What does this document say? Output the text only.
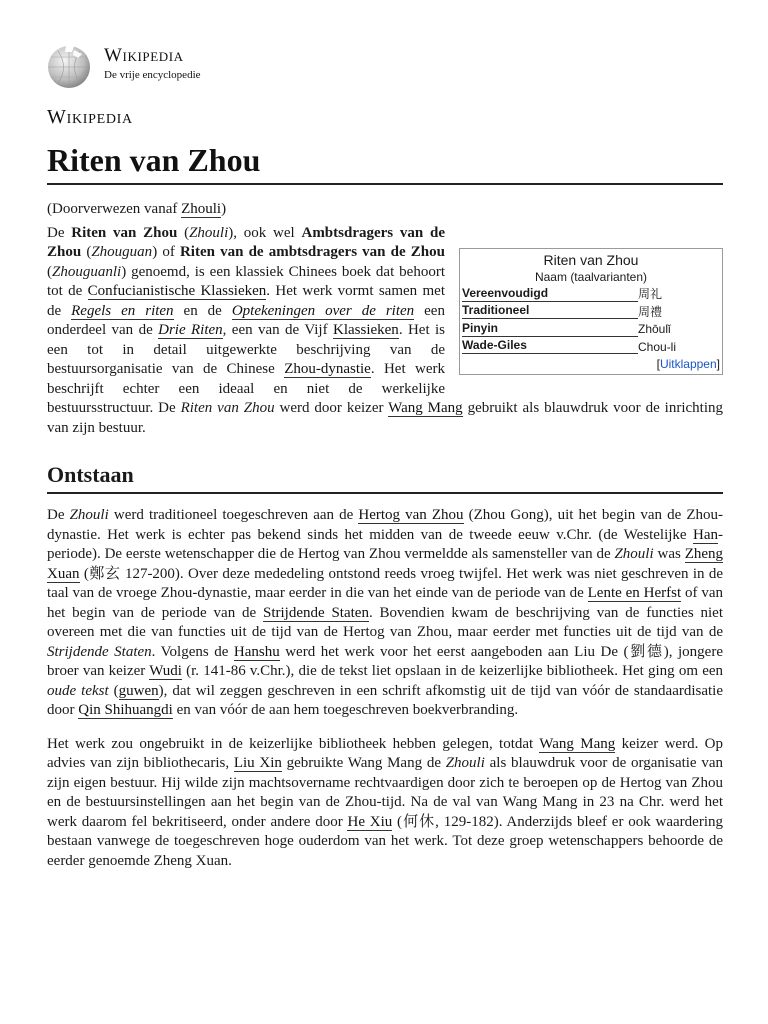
Wikipedia
De vrije encyclopedie
Wikipedia
Riten van Zhou
(Doorverwezen vanaf Zhouli)
Riten van Zhou
Naam (taalvarianten)
Vereenvoudigd	周礼
Traditioneel	周禮
Pinyin	Zhōulǐ
Wade-Giles	Chou-li
[Uitklappen]

De Riten van Zhou (Zhouli), ook wel Ambtsdragers van de Zhou (Zhouguan) of Riten van de ambtsdragers van de Zhou (Zhouguanli) genoemd, is een klassiek Chinees boek dat behoort tot de Confucianistische Klassieken. Het werk vormt samen met de Regels en riten en de Optekeningen over de riten een onderdeel van de Drie Riten, een van de Vijf Klassieken. Het is een tot in detail uitgewerkte beschrijving van de bestuursorganisatie van de Chinese Zhou-dynastie. Het werk beschrijft echter een ideaal en niet de werkelijke bestuursstructuur. De Riten van Zhou werd door keizer Wang Mang gebruikt als blauwdruk voor de inrichting van zijn bestuur.

Ontstaan

De Zhouli werd traditioneel toegeschreven aan de Hertog van Zhou (Zhou Gong), uit het begin van de Zhou-dynastie. Het werk is echter pas bekend sinds het midden van de tweede eeuw v.Chr. (de Westelijke Han-periode). De eerste wetenschapper die de Hertog van Zhou vermeldde als samensteller van de Zhouli was Zheng Xuan (鄭玄 127-200). Over deze mededeling ontstond reeds vroeg twijfel. Het werk was niet geschreven in de taal van de vroege Zhou-dynastie, maar eerder in die van het einde van de periode van de Lente en Herfst of van het begin van de periode van de Strijdende Staten. Bovendien kwam de beschrijving van de functies niet overeen met die van functies uit de tijd van de Hertog van Zhou, maar eerder met functies uit de tijd van de Strijdende Staten. Volgens de Hanshu werd het werk voor het eerst aangeboden aan Liu De (劉德), jongere broer van keizer Wudi (r. 141-86 v.Chr.), die de tekst liet opslaan in de keizerlijke bibliotheek. Het ging om een oude tekst (guwen), dat wil zeggen geschreven in een schrift afkomstig uit de tijd van vóór de standaardisatie door Qin Shihuangdi en van vóór de aan hem toegeschreven boekverbranding.

Het werk zou ongebruikt in de keizerlijke bibliotheek hebben gelegen, totdat Wang Mang keizer werd. Op advies van zijn bibliothecaris, Liu Xin gebruikte Wang Mang de Zhouli als blauwdruk voor de organisatie van zijn eigen bestuur. Hij wilde zijn machtsovername rechtvaardigen door zich te beroepen op de Hertog van Zhou en de bestuursinstellingen aan het begin van de Zhou-tijd. Na de val van Wang Mang in 23 na Chr. werd het werk daarom fel bekritiseerd, onder andere door He Xiu (何休, 129-182). Anderzijds bleef er ook waardering bestaan vanwege de toegeschreven hoge ouderdom van het werk. Tot deze groep wetenschappers behoorde de eerder genoemde Zheng Xuan.
